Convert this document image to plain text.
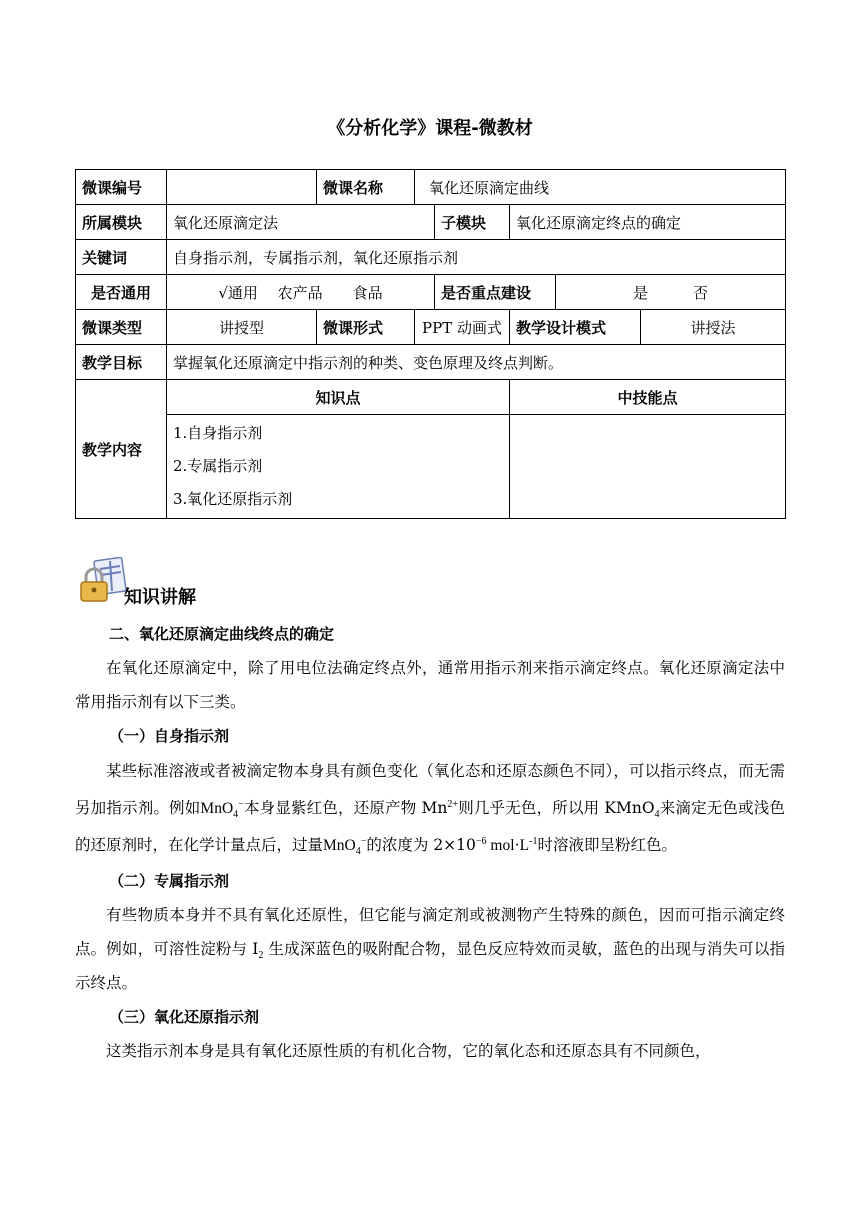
《分析化学》课程-微教材
微课编号		微课名称	氧化还原滴定曲线				
所属模块	氧化还原滴定法			子模块	氧化还原滴定终点的确定		
关键词	自身指示剂，专属指示剂，氧化还原指示剂						
是否通用	√通用　 农产品　　食品			是否重点建设		是　　　否	
微课类型	讲授型	微课形式	PPT 动画式		教学设计模式		讲授法
教学目标	掌握氧化还原滴定中指示剂的种类、变色原理及终点判断。						
教学内容	知识点				中技能点		

	1.自身指示剂
2.专属指示剂
3.氧化还原指示剂						

知识讲解
二、氧化还原滴定曲线终点的确定

在氧化还原滴定中，除了用电位法确定终点外，通常用指示剂来指示滴定终点。氧化还原滴定法中常用指示剂有以下三类。

（一）自身指示剂

某些标准溶液或者被滴定物本身具有颜色变化（氧化态和还原态颜色不同），可以指示终点，而无需另加指示剂。例如MnO$_4$−本身显紫红色，还原产物 $Mn^{2+}$则几乎无色，所以用 KMnO$_4$来滴定无色或浅色的还原剂时，在化学计量点后，过量MnO$_4$−的浓度为 $2\times 10^{-6}$ $mol\cdot L^{-1}$时溶液即呈粉红色。

（二）专属指示剂

有些物质本身并不具有氧化还原性，但它能与滴定剂或被测物产生特殊的颜色，因而可指示滴定终点。例如，可溶性淀粉与 $I_2$ 生成深蓝色的吸附配合物，显色反应特效而灵敏，蓝色的出现与消失可以指示终点。

（三）氧化还原指示剂

这类指示剂本身是具有氧化还原性质的有机化合物，它的氧化态和还原态具有不同颜色，
